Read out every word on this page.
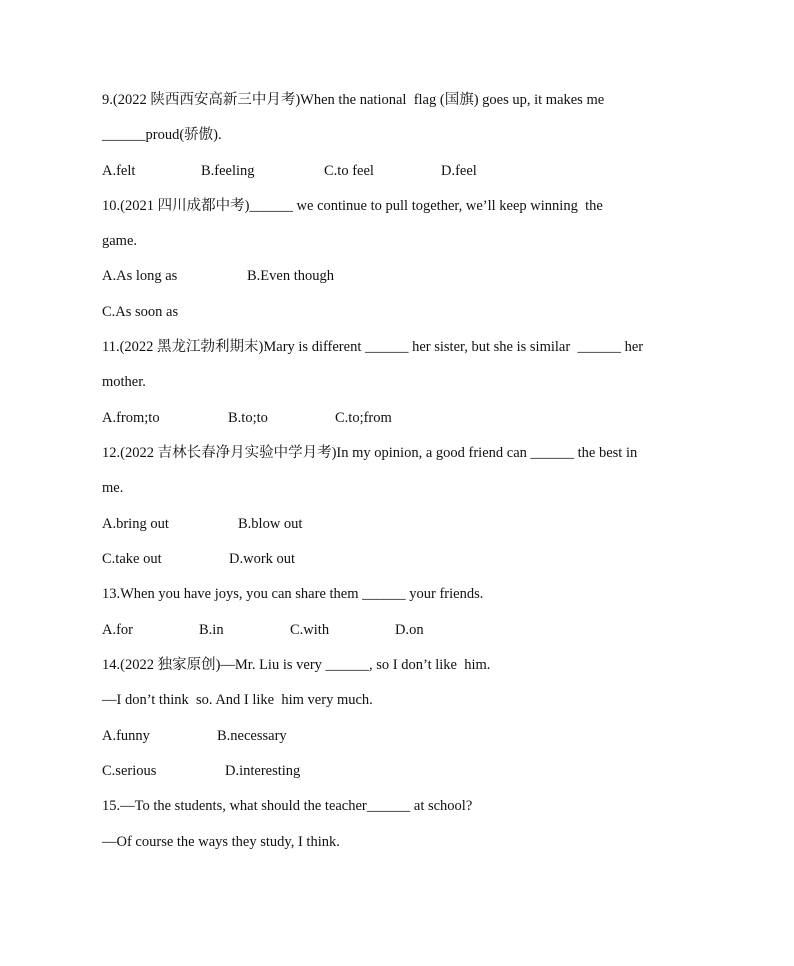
9.(2022 陕西西安高新三中月考)When the national  flag (国旗) goes up, it makes me
______proud(骄傲).
A.felt	B.feeling	C.to feel	D.feel
10.(2021 四川成都中考)______ we continue to pull together, we’ll keep winning  the
game.
A.As long as	B.Even though
C.As soon as
11.(2022 黑龙江勃利期末)Mary is different ______ her sister, but she is similar  ______ her
mother.
A.from;to	B.to;to	C.to;from
12.(2022 吉林长春净月实验中学月考)In my opinion, a good friend can ______ the best in
me.
A.bring out	B.blow out
C.take out	D.work out
13.When you have joys, you can share them ______ your friends.
A.for	B.in	C.with	D.on
14.(2022 独家原创)—Mr. Liu is very ______, so I don’t like  him.
—I don’t think  so. And I like  him very much.
A.funny	B.necessary
C.serious	D.interesting
15.—To the students, what should the teacher______ at school?
—Of course the ways they study, I think.
